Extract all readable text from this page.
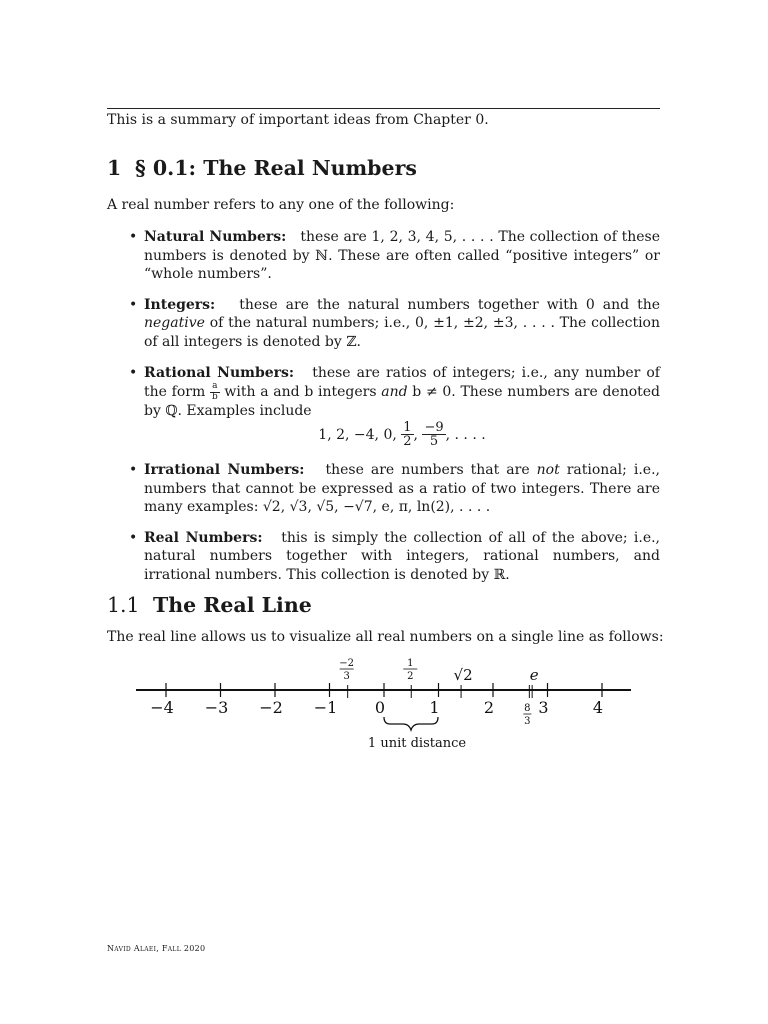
This is a summary of important ideas from Chapter 0.
1 § 0.1: The Real Numbers
A real number refers to any one of the following:
• Natural Numbers: these are 1, 2, 3, 4, 5, . . . . The collection of these numbers is denoted by ℕ. These are often called “positive integers” or “whole numbers”.
• Integers: these are the natural numbers together with 0 and the negative of the natural numbers; i.e., 0, ±1, ±2, ±3, . . . . The collection of all integers is denoted by ℤ.
• Rational Numbers: these are ratios of integers; i.e., any number of the form $\frac{a}{b}$ with a and b integers and b ≠ 0. These numbers are denoted by ℚ. Examples include
1, 2, −4, 0, $\frac{1}{2}$ , $\frac{-9}{5}$ , . . . .
• Irrational Numbers: these are numbers that are not rational; i.e., numbers that cannot be expressed as a ratio of two integers. There are many examples: √2, √3, √5, −√7, e, π, ln(2), . . . .
• Real Numbers: this is simply the collection of all of the above; i.e., natural numbers together with integers, rational numbers, and irrational numbers. This collection is denoted by ℝ.
1.1 The Real Line
The real line allows us to visualize all real numbers on a single line as follows:
−4 −3 −2 −1 0	1	2	3	4
−2
3
1
2	√2	e
8
3
1 unit distance
Navid Alaei, Fall 2020
